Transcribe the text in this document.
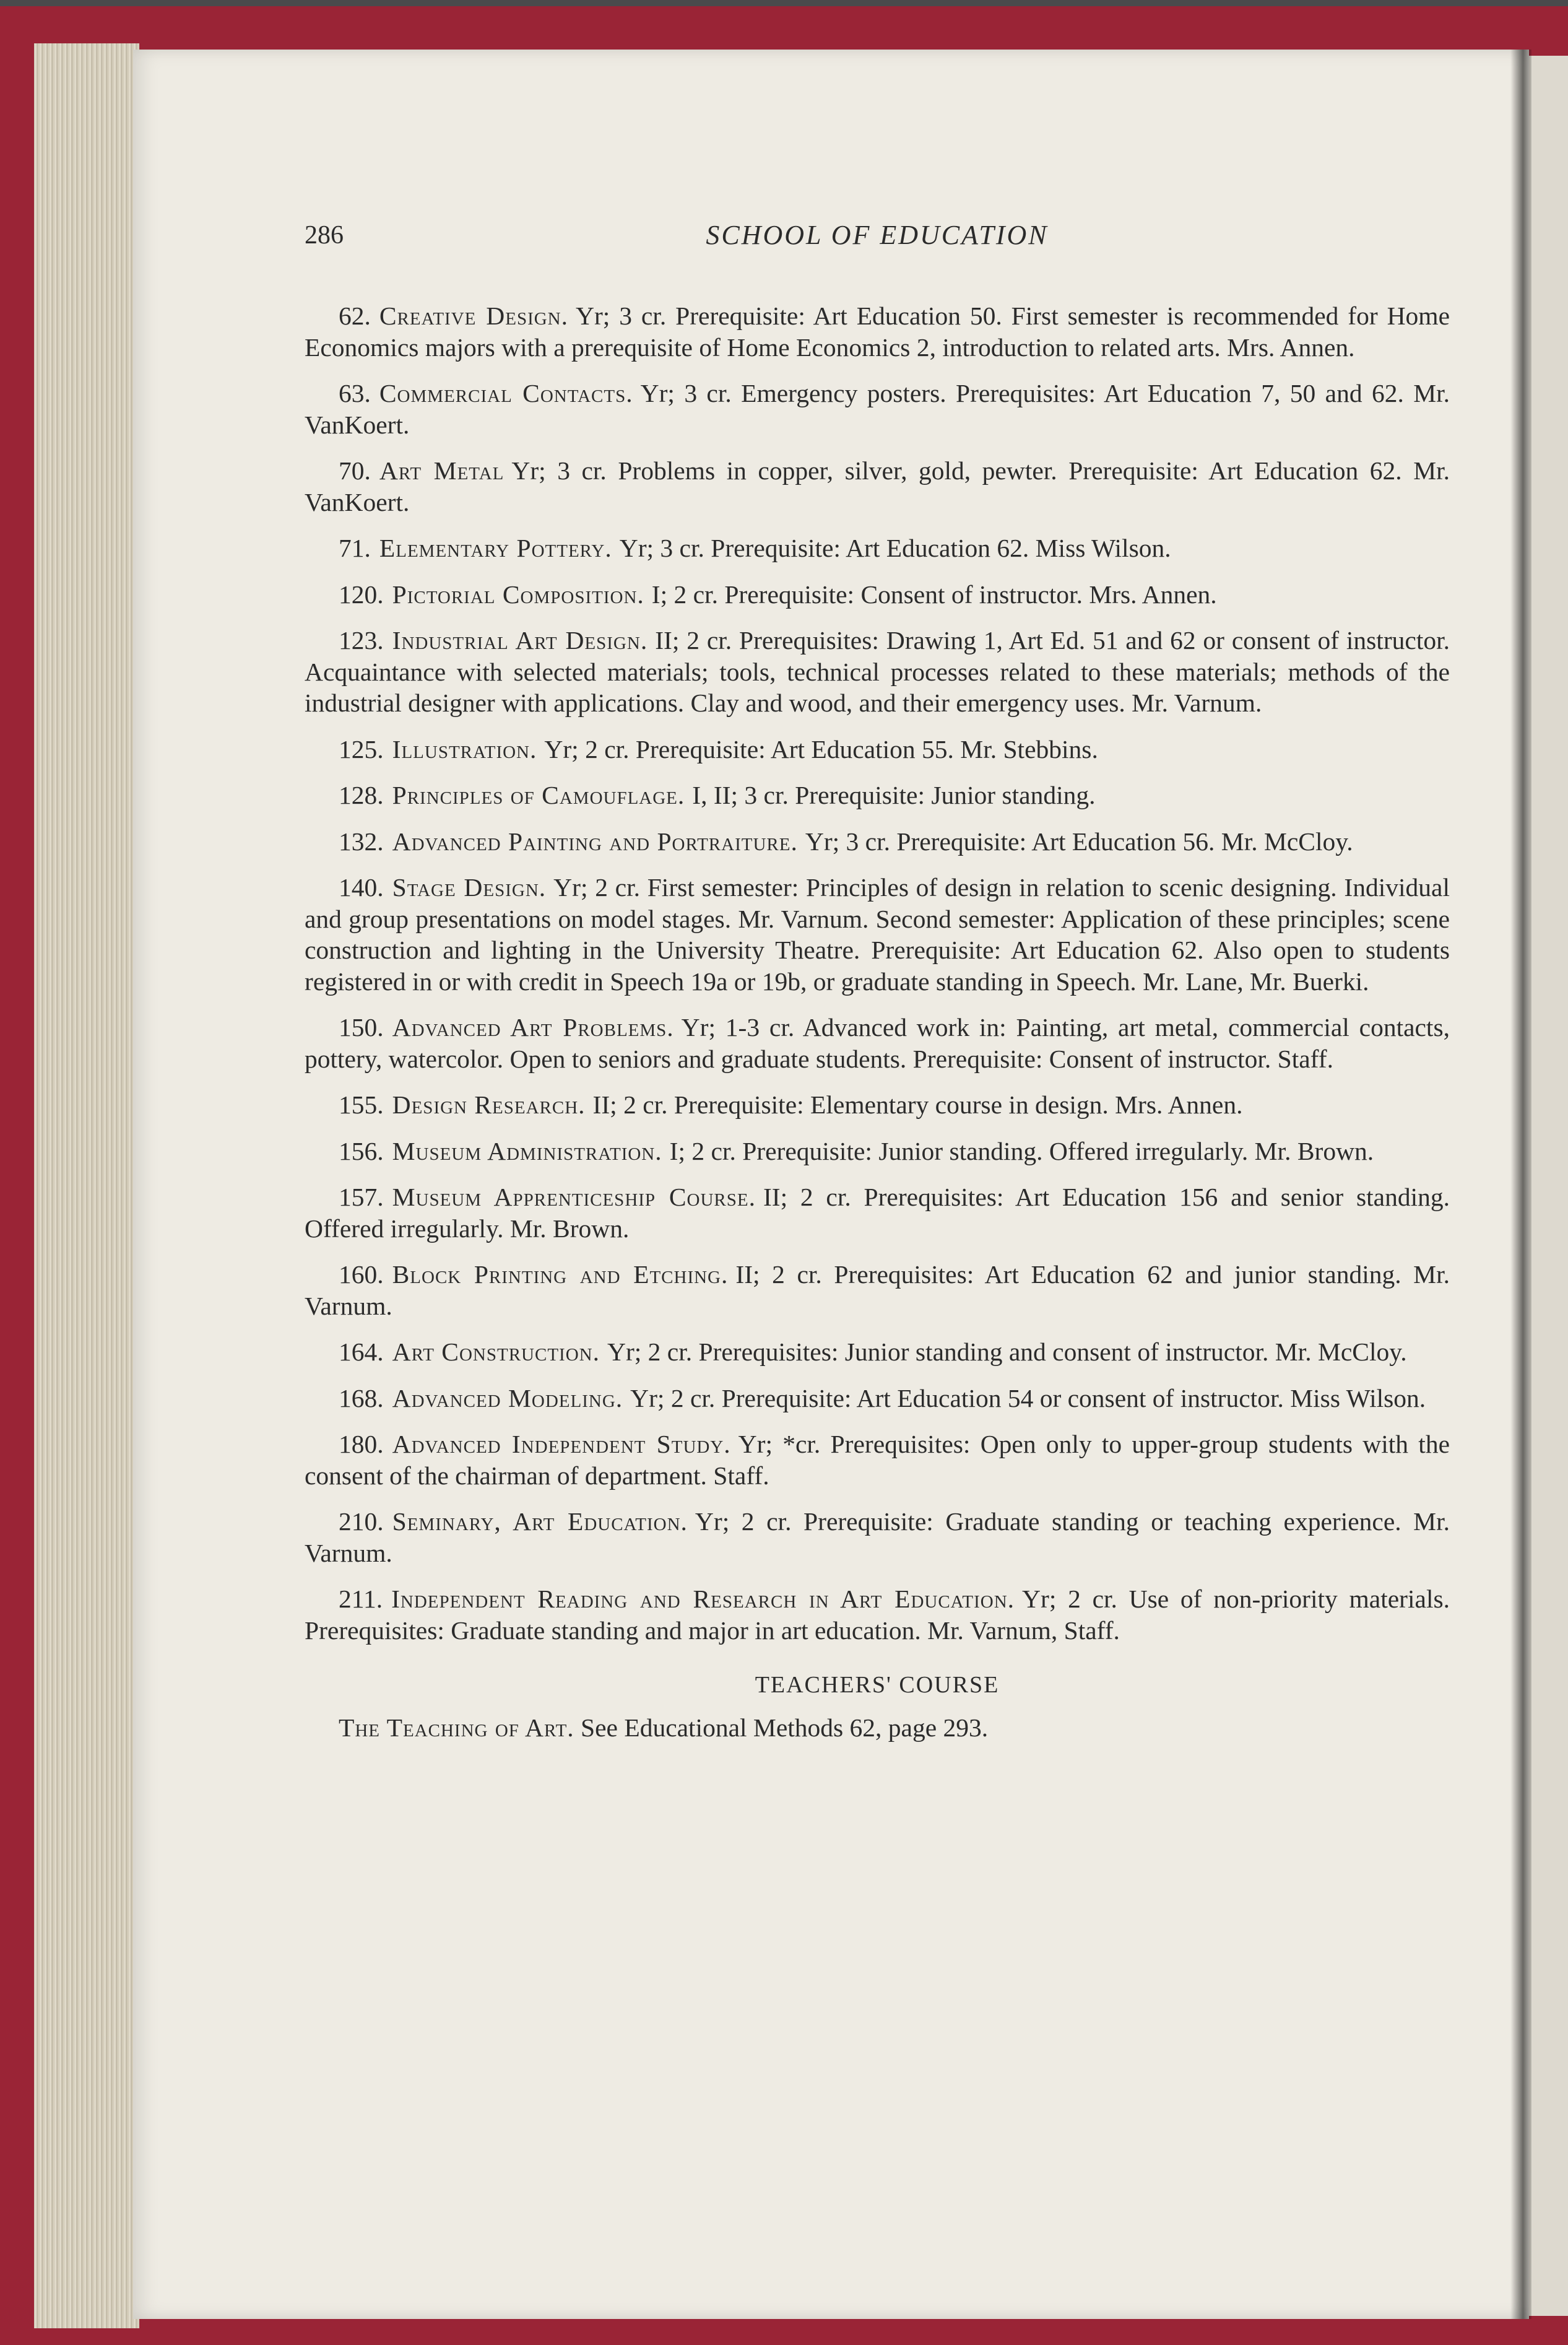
286	SCHOOL OF EDUCATION

62. Creative Design. Yr; 3 cr. Prerequisite: Art Education 50. First semester is recommended for Home Economics majors with a prerequisite of Home Economics 2, introduction to related arts. Mrs. Annen.

63. Commercial Contacts. Yr; 3 cr. Emergency posters. Prerequisites: Art Education 7, 50 and 62. Mr. VanKoert.

70. Art Metal Yr; 3 cr. Problems in copper, silver, gold, pewter. Prerequisite: Art Education 62. Mr. VanKoert.

71. Elementary Pottery. Yr; 3 cr. Prerequisite: Art Education 62. Miss Wilson.

120. Pictorial Composition. I; 2 cr. Prerequisite: Consent of instructor. Mrs. Annen.

123. Industrial Art Design. II; 2 cr. Prerequisites: Drawing 1, Art Ed. 51 and 62 or consent of instructor. Acquaintance with selected materials; tools, technical processes related to these materials; methods of the industrial designer with applications. Clay and wood, and their emergency uses. Mr. Varnum.

125. Illustration. Yr; 2 cr. Prerequisite: Art Education 55. Mr. Stebbins.

128. Principles of Camouflage. I, II; 3 cr. Prerequisite: Junior standing.

132. Advanced Painting and Portraiture. Yr; 3 cr. Prerequisite: Art Education 56. Mr. McCloy.

140. Stage Design. Yr; 2 cr. First semester: Principles of design in relation to scenic designing. Individual and group presentations on model stages. Mr. Varnum. Second semester: Application of these principles; scene construction and lighting in the University Theatre. Prerequisite: Art Education 62. Also open to students registered in or with credit in Speech 19a or 19b, or graduate standing in Speech. Mr. Lane, Mr. Buerki.

150. Advanced Art Problems. Yr; 1-3 cr. Advanced work in: Painting, art metal, commercial contacts, pottery, watercolor. Open to seniors and graduate students. Prerequisite: Consent of instructor. Staff.

155. Design Research. II; 2 cr. Prerequisite: Elementary course in design. Mrs. Annen.

156. Museum Administration. I; 2 cr. Prerequisite: Junior standing. Offered irregularly. Mr. Brown.

157. Museum Apprenticeship Course. II; 2 cr. Prerequisites: Art Education 156 and senior standing. Offered irregularly. Mr. Brown.

160. Block Printing and Etching. II; 2 cr. Prerequisites: Art Education 62 and junior standing. Mr. Varnum.

164. Art Construction. Yr; 2 cr. Prerequisites: Junior standing and consent of instructor. Mr. McCloy.

168. Advanced Modeling. Yr; 2 cr. Prerequisite: Art Education 54 or consent of instructor. Miss Wilson.

180. Advanced Independent Study. Yr; *cr. Prerequisites: Open only to upper-group students with the consent of the chairman of department. Staff.

210. Seminary, Art Education. Yr; 2 cr. Prerequisite: Graduate standing or teaching experience. Mr. Varnum.

211. Independent Reading and Research in Art Education. Yr; 2 cr. Use of non-priority materials. Prerequisites: Graduate standing and major in art education. Mr. Varnum, Staff.

TEACHERS' COURSE

The Teaching of Art. See Educational Methods 62, page 293.
